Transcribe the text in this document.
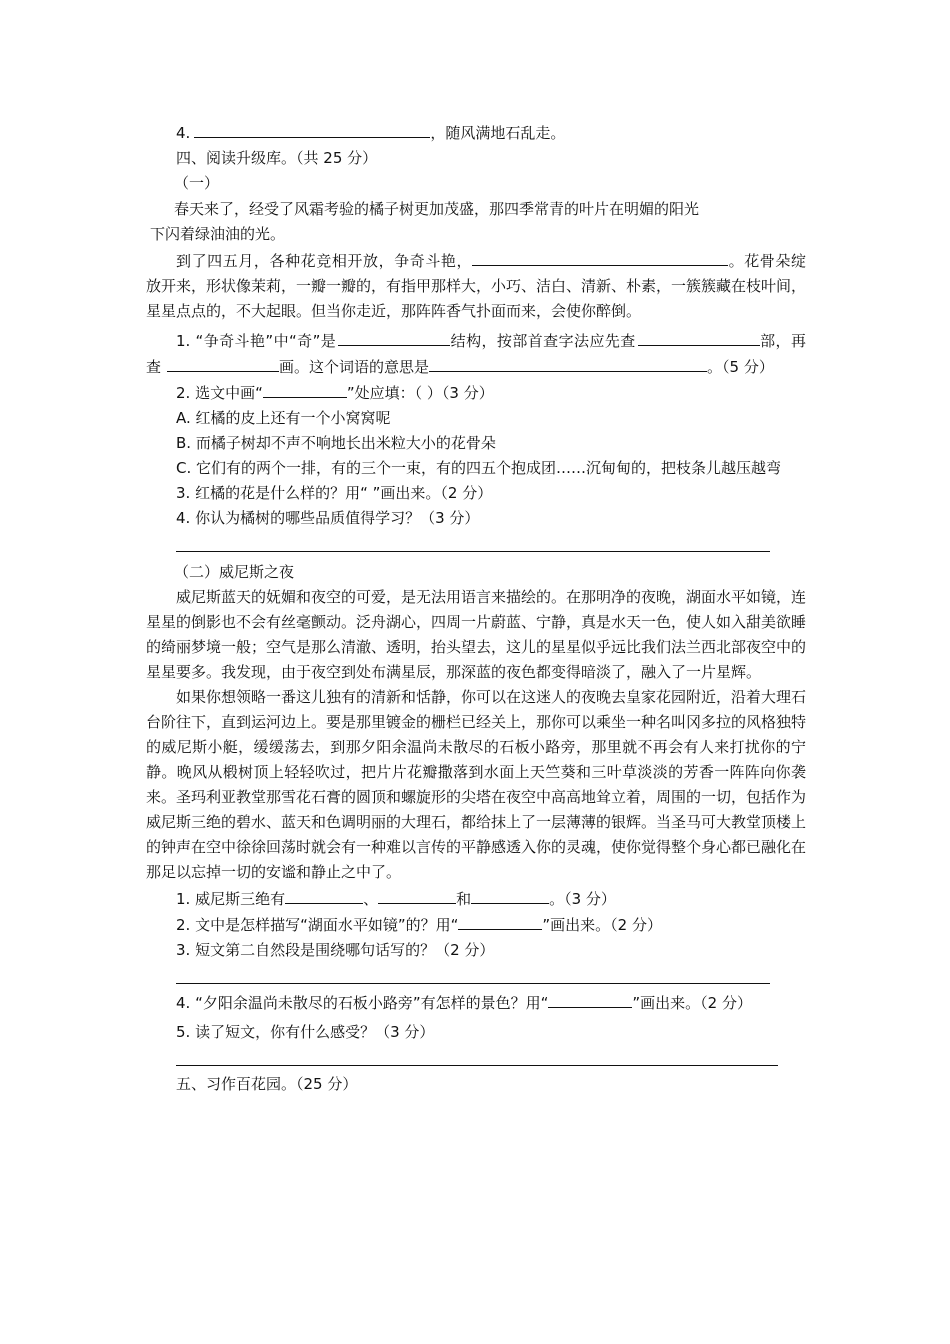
4.	，随风满地石乱走。

四、阅读升级库。（共 25 分）

（一）

春天来了，经受了风霜考验的橘子树更加茂盛，那四季常青的叶片在明媚的阳光

下闪着绿油油的光。

到了四五月，各种花竞相开放，争奇斗艳，	。花骨朵绽放开来，形状像茉莉，一瓣一瓣的，有指甲那样大，小巧、洁白、清新、朴素，一簇簇藏在枝叶间，星星点点的，不大起眼。但当你走近，那阵阵香气扑面而来，会使你醉倒。

1. “争奇斗艳”中“奇”是	结构，按部首查字法应先查	部，再查	画。这个词语的意思是	。（5 分）

2. 选文中画“	”处应填：（ ）（3 分）

A. 红橘的皮上还有一个小窝窝呢

B. 而橘子树却不声不响地长出米粒大小的花骨朵

C. 它们有的两个一排，有的三个一束，有的四五个抱成团……沉甸甸的，把枝条儿越压越弯

3. 红橘的花是什么样的？用“ ”画出来。（2 分）

4. 你认为橘树的哪些品质值得学习？（3 分）

（二）威尼斯之夜

威尼斯蓝天的妩媚和夜空的可爱，是无法用语言来描绘的。在那明净的夜晚，湖面水平如镜，连星星的倒影也不会有丝毫颤动。泛舟湖心，四周一片蔚蓝、宁静，真是水天一色，使人如入甜美欲睡的绮丽梦境一般；空气是那么清澈、透明，抬头望去，这儿的星星似乎远比我们法兰西北部夜空中的星星要多。我发现，由于夜空到处布满星辰，那深蓝的夜色都变得暗淡了，融入了一片星辉。

如果你想领略一番这儿独有的清新和恬静，你可以在这迷人的夜晚去皇家花园附近，沿着大理石台阶往下，直到运河边上。要是那里镀金的栅栏已经关上，那你可以乘坐一种名叫冈多拉的风格独特的威尼斯小艇，缓缓荡去，到那夕阳余温尚未散尽的石板小路旁，那里就不再会有人来打扰你的宁静。晚风从椴树顶上轻轻吹过，把片片花瓣撒落到水面上天竺葵和三叶草淡淡的芳香一阵阵向你袭来。圣玛利亚教堂那雪花石膏的圆顶和螺旋形的尖塔在夜空中高高地耸立着，周围的一切，包括作为威尼斯三绝的碧水、蓝天和色调明丽的大理石，都给抹上了一层薄薄的银辉。当圣马可大教堂顶楼上的钟声在空中徐徐回荡时就会有一种难以言传的平静感透入你的灵魂，使你觉得整个身心都已融化在那足以忘掉一切的安谧和静止之中了。

1. 威尼斯三绝有	、	和	。（3 分）

2. 文中是怎样描写“湖面水平如镜”的？用“	”画出来。（2 分）

3. 短文第二自然段是围绕哪句话写的？（2 分）

4. “夕阳余温尚未散尽的石板小路旁”有怎样的景色？用“	”画出来。（2 分）

5. 读了短文，你有什么感受？（3 分）

五、习作百花园。（25 分）
